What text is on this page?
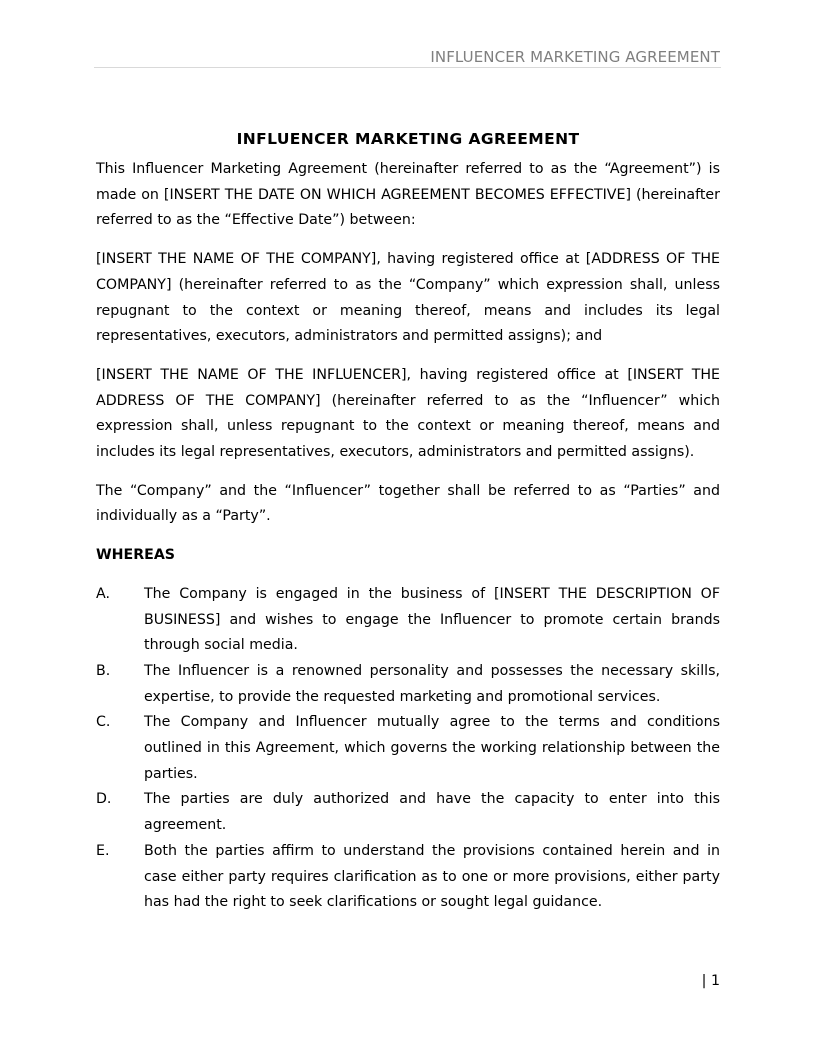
INFLUENCER MARKETING AGREEMENT
INFLUENCER MARKETING AGREEMENT

This Influencer Marketing Agreement (hereinafter referred to as the “Agreement”) is made on [INSERT THE DATE ON WHICH AGREEMENT BECOMES EFFECTIVE] (hereinafter referred to as the “Effective Date”) between:

[INSERT THE NAME OF THE COMPANY], having registered office at [ADDRESS OF THE COMPANY] (hereinafter referred to as the “Company” which expression shall, unless repugnant to the context or meaning thereof, means and includes its legal representatives, executors, administrators and permitted assigns); and

[INSERT THE NAME OF THE INFLUENCER], having registered office at [INSERT THE ADDRESS OF THE COMPANY] (hereinafter referred to as the “Influencer” which expression shall, unless repugnant to the context or meaning thereof, means and includes its legal representatives, executors, administrators and permitted assigns).

The “Company” and the “Influencer” together shall be referred to as “Parties” and individually as a “Party”.

WHEREAS
A.	The Company is engaged in the business of [INSERT THE DESCRIPTION OF BUSINESS] and wishes to engage the Influencer to promote certain brands through social media.
B.	The Influencer is a renowned personality and possesses the necessary skills, expertise, to provide the requested marketing and promotional services.
C.	The Company and Influencer mutually agree to the terms and conditions outlined in this Agreement, which governs the working relationship between the parties.
D.	The parties are duly authorized and have the capacity to enter into this agreement.
E.	Both the parties affirm to understand the provisions contained herein and in case either party requires clarification as to one or more provisions, either party has had the right to seek clarifications or sought legal guidance.
| 1
